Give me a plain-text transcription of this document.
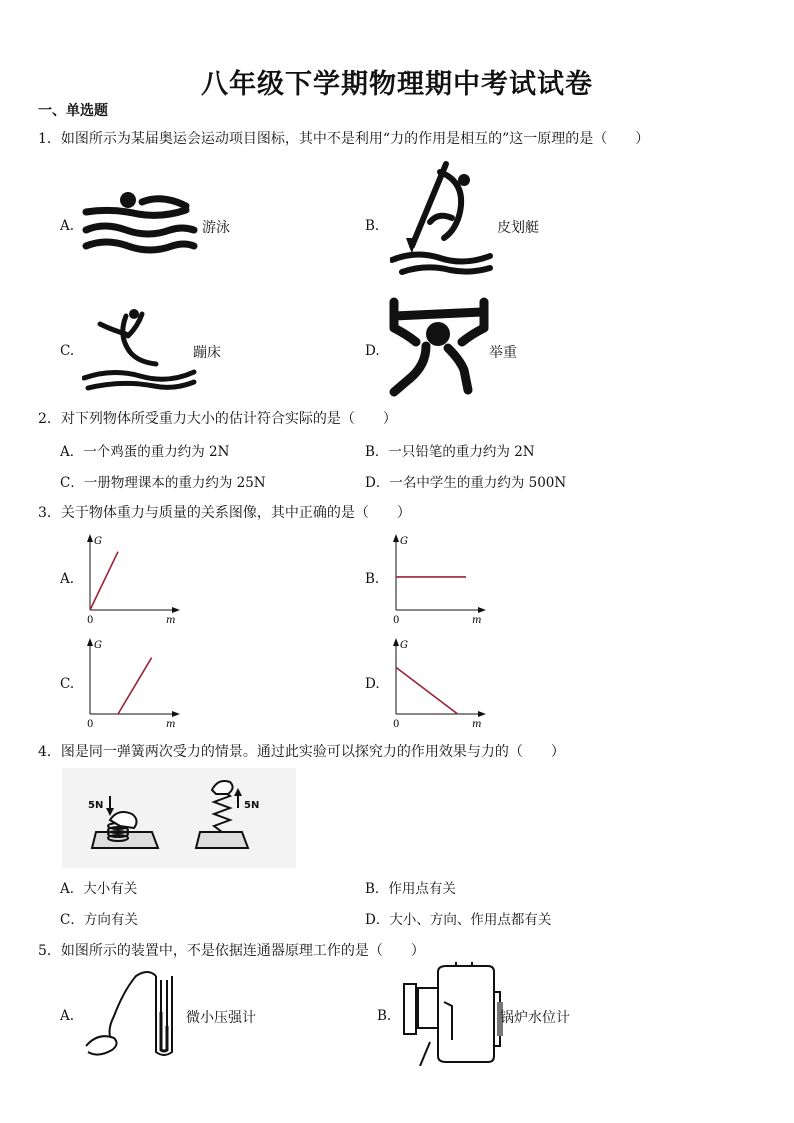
八年级下学期物理期中考试试卷
一、单选题
1．如图所示为某届奥运会运动项目图标，其中不是利用“力的作用是相互的”这一原理的是（　　）
A.	游泳	B.	皮划艇
C.	蹦床	D.	举重
2．对下列物体所受重力大小的估计符合实际的是（　　）
A．一个鸡蛋的重力约为 2N	B．一只铅笔的重力约为 2N
C．一册物理课本的重力约为 25N	D．一名中学生的重力约为 500N
3．关于物体重力与质量的关系图像，其中正确的是（　　）
A.	B.
C.	D.
G
m
0
G
m
0
G
m
0
G
m
0
4．图是同一弹簧两次受力的情景。通过此实验可以探究力的作用效果与力的（　　）
5N	5N
A．大小有关	B．作用点有关
C．方向有关	D．大小、方向、作用点都有关
5．如图所示的装置中，不是依据连通器原理工作的是（　　）
A.	微小压强计	B.	锅炉水位计
